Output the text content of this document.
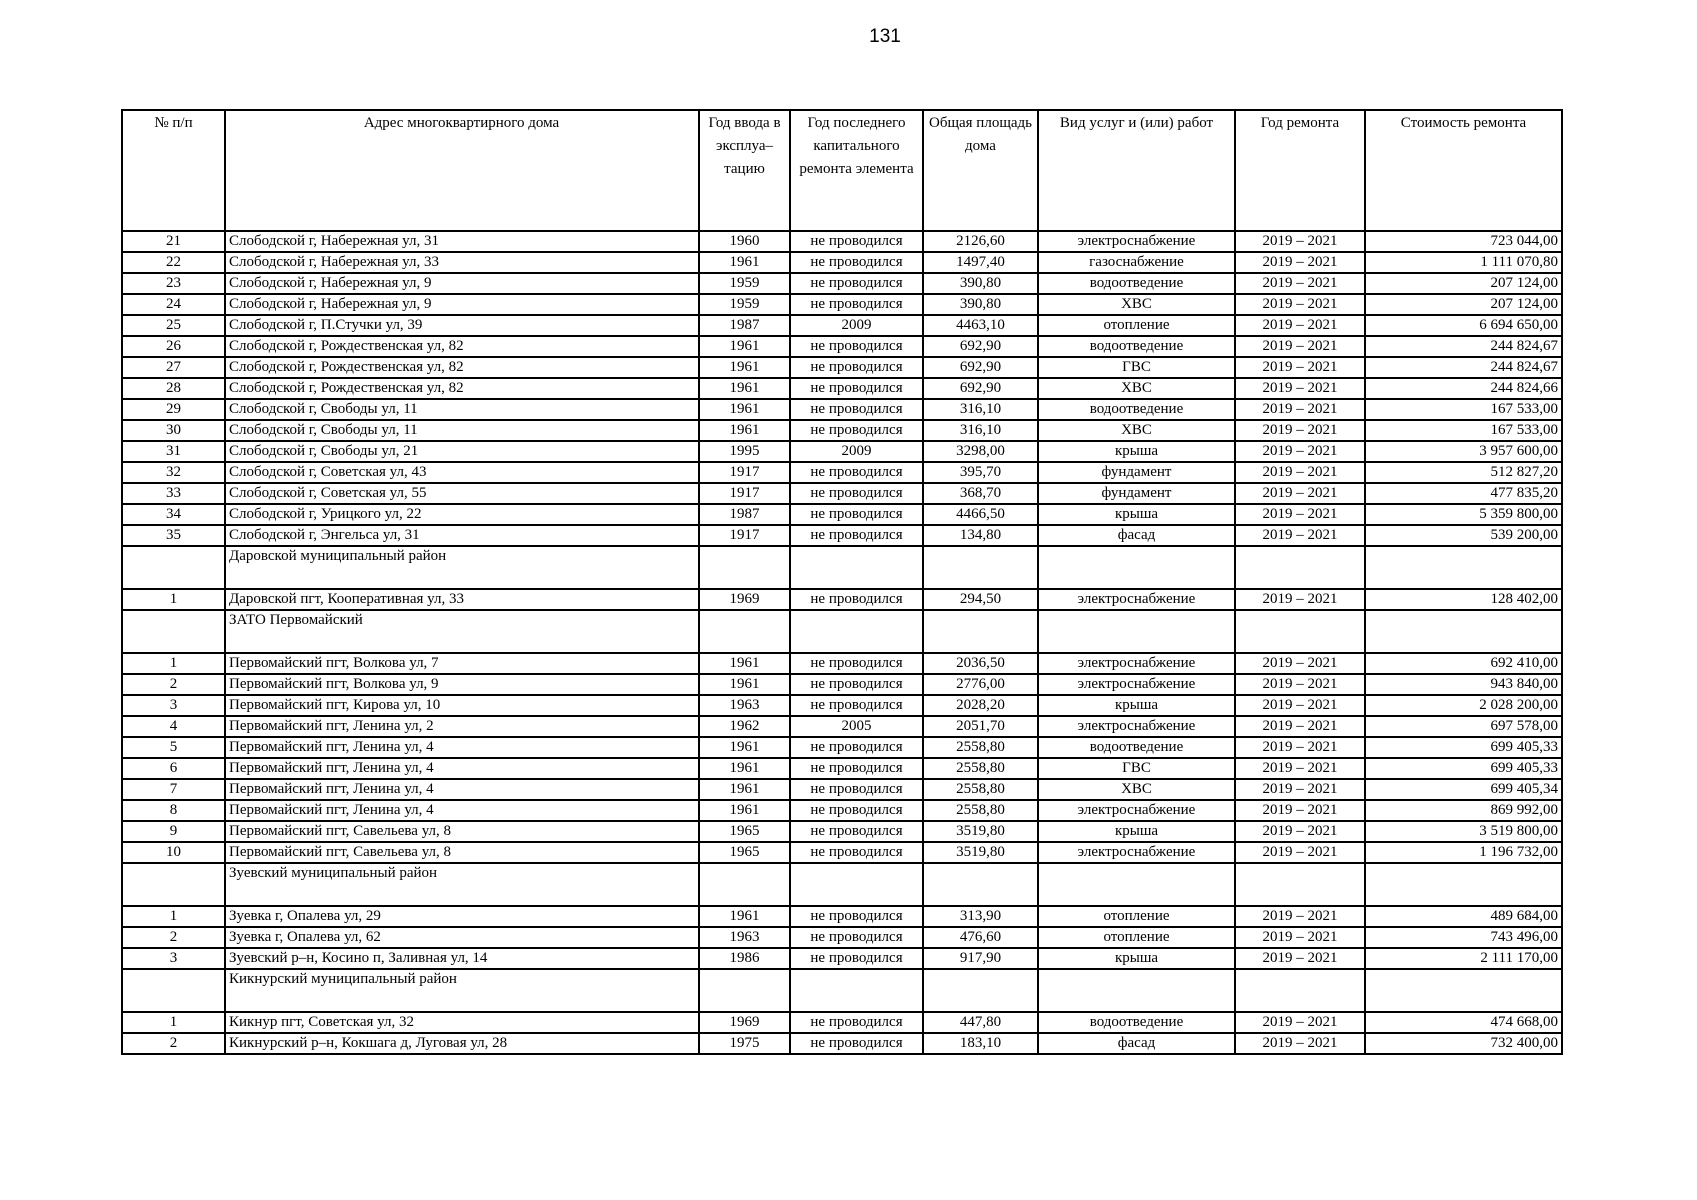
131
№ п/п	Адрес многоквартирного дома	Год ввода в эксплуа–тацию	Год последнего капитального ремонта элемента	Общая площадь дома	Вид услуг и (или) работ	Год ремонта	Стоимость ремонта
21	Слободской г, Набережная ул, 31	1960	не проводился	2126,60	электроснабжение	2019 – 2021	723 044,00
22	Слободской г, Набережная ул, 33	1961	не проводился	1497,40	газоснабжение	2019 – 2021	1 111 070,80
23	Слободской г, Набережная ул, 9	1959	не проводился	390,80	водоотведение	2019 – 2021	207 124,00
24	Слободской г, Набережная ул, 9	1959	не проводился	390,80	ХВС	2019 – 2021	207 124,00
25	Слободской г, П.Стучки ул, 39	1987	2009	4463,10	отопление	2019 – 2021	6 694 650,00
26	Слободской г, Рождественская ул, 82	1961	не проводился	692,90	водоотведение	2019 – 2021	244 824,67
27	Слободской г, Рождественская ул, 82	1961	не проводился	692,90	ГВС	2019 – 2021	244 824,67
28	Слободской г, Рождественская ул, 82	1961	не проводился	692,90	ХВС	2019 – 2021	244 824,66
29	Слободской г, Свободы ул, 11	1961	не проводился	316,10	водоотведение	2019 – 2021	167 533,00
30	Слободской г, Свободы ул, 11	1961	не проводился	316,10	ХВС	2019 – 2021	167 533,00
31	Слободской г, Свободы ул, 21	1995	2009	3298,00	крыша	2019 – 2021	3 957 600,00
32	Слободской г, Советская ул, 43	1917	не проводился	395,70	фундамент	2019 – 2021	512 827,20
33	Слободской г, Советская ул, 55	1917	не проводился	368,70	фундамент	2019 – 2021	477 835,20
34	Слободской г, Урицкого ул, 22	1987	не проводился	4466,50	крыша	2019 – 2021	5 359 800,00
35	Слободской г, Энгельса ул, 31	1917	не проводился	134,80	фасад	2019 – 2021	539 200,00
	Даровской муниципальный район						
1	Даровской пгт, Кооперативная ул, 33	1969	не проводился	294,50	электроснабжение	2019 – 2021	128 402,00
	ЗАТО Первомайский						
1	Первомайский пгт, Волкова ул, 7	1961	не проводился	2036,50	электроснабжение	2019 – 2021	692 410,00
2	Первомайский пгт, Волкова ул, 9	1961	не проводился	2776,00	электроснабжение	2019 – 2021	943 840,00
3	Первомайский пгт, Кирова ул, 10	1963	не проводился	2028,20	крыша	2019 – 2021	2 028 200,00
4	Первомайский пгт, Ленина ул, 2	1962	2005	2051,70	электроснабжение	2019 – 2021	697 578,00
5	Первомайский пгт, Ленина ул, 4	1961	не проводился	2558,80	водоотведение	2019 – 2021	699 405,33
6	Первомайский пгт, Ленина ул, 4	1961	не проводился	2558,80	ГВС	2019 – 2021	699 405,33
7	Первомайский пгт, Ленина ул, 4	1961	не проводился	2558,80	ХВС	2019 – 2021	699 405,34
8	Первомайский пгт, Ленина ул, 4	1961	не проводился	2558,80	электроснабжение	2019 – 2021	869 992,00
9	Первомайский пгт, Савельева ул, 8	1965	не проводился	3519,80	крыша	2019 – 2021	3 519 800,00
10	Первомайский пгт, Савельева ул, 8	1965	не проводился	3519,80	электроснабжение	2019 – 2021	1 196 732,00
	Зуевский муниципальный район						
1	Зуевка г, Опалева ул, 29	1961	не проводился	313,90	отопление	2019 – 2021	489 684,00
2	Зуевка г, Опалева ул, 62	1963	не проводился	476,60	отопление	2019 – 2021	743 496,00
3	Зуевский р–н, Косино п, Заливная ул, 14	1986	не проводился	917,90	крыша	2019 – 2021	2 111 170,00
	Кикнурский муниципальный район						
1	Кикнур пгт, Советская ул, 32	1969	не проводился	447,80	водоотведение	2019 – 2021	474 668,00
2	Кикнурский р–н, Кокшага д, Луговая ул, 28	1975	не проводился	183,10	фасад	2019 – 2021	732 400,00
